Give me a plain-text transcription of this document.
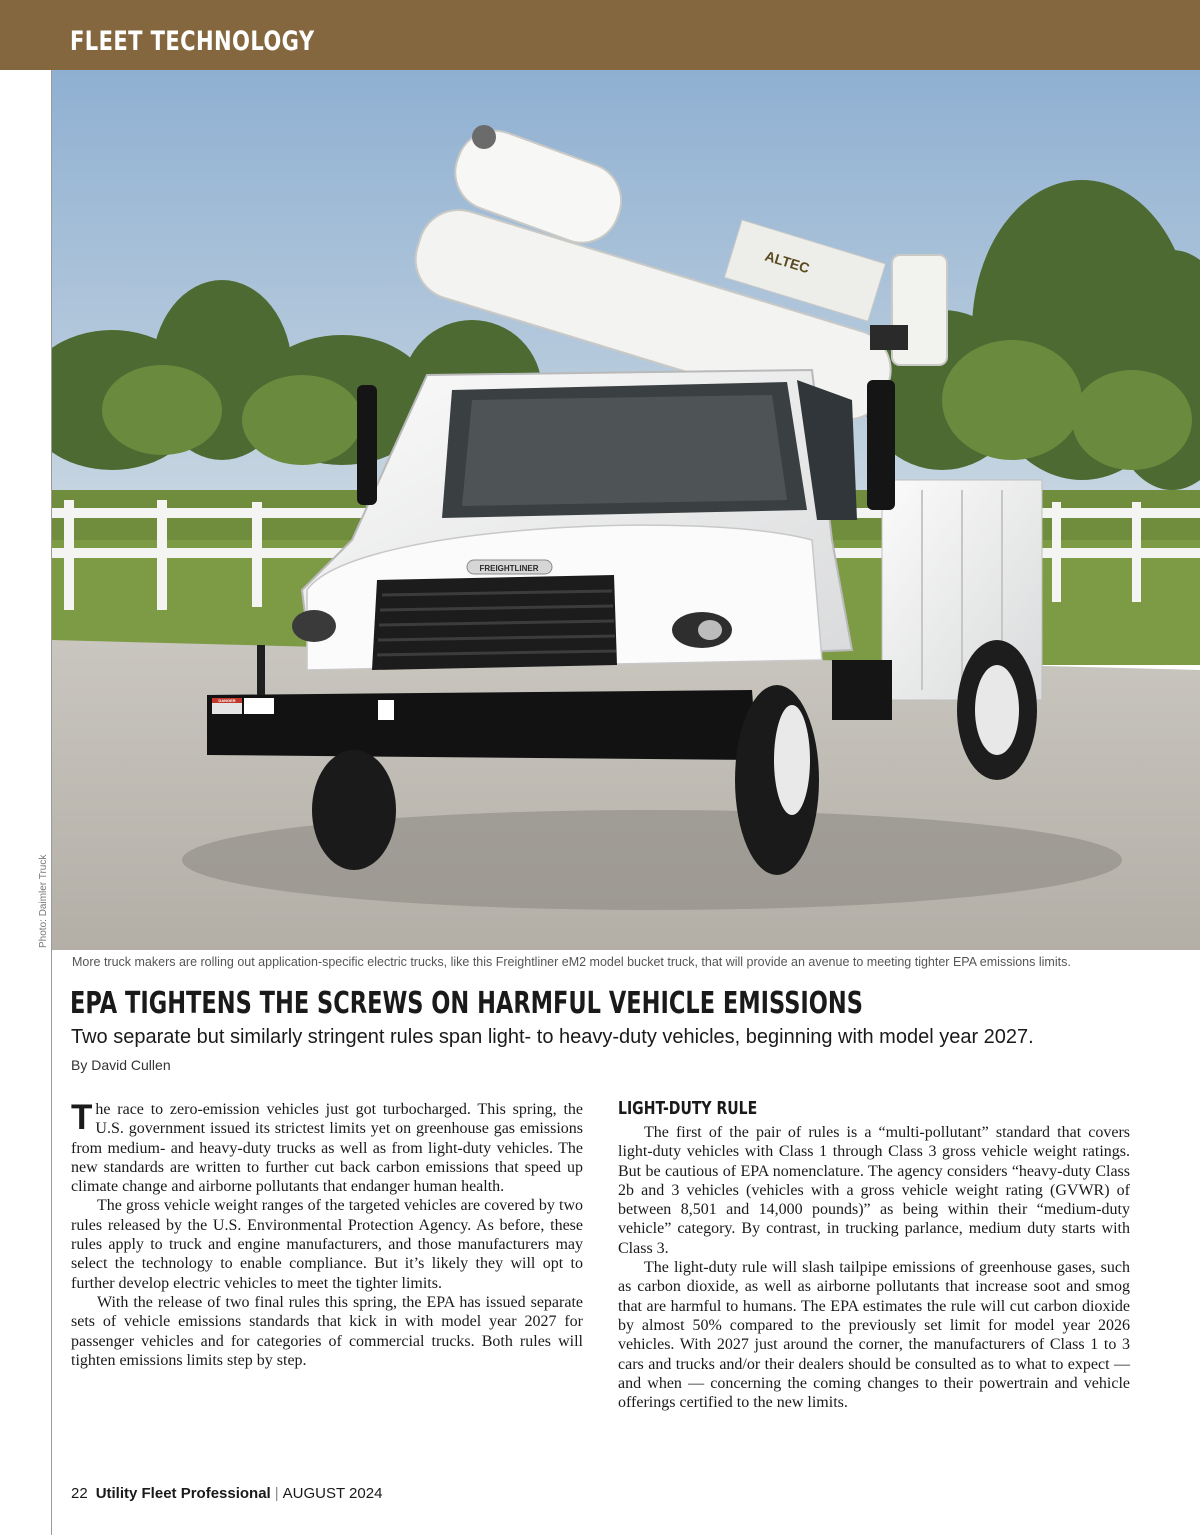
FLEET TECHNOLOGY
ALTEC
FREIGHTLINER
DANGER
Photo: Daimler Truck
More truck makers are rolling out application-specific electric trucks, like this Freightliner eM2 model bucket truck, that will provide an avenue to meeting tighter EPA emissions limits.
EPA TIGHTENS THE SCREWS ON HARMFUL VEHICLE EMISSIONS

Two separate but similarly stringent rules span light- to heavy-duty vehicles, beginning with model year 2027.

By David Cullen

The race to zero-emission vehicles just got turbocharged. This spring, the U.S. government issued its strictest limits yet on greenhouse gas emissions from medium- and heavy-duty trucks as well as from light-duty vehicles. The new standards are written to further cut back carbon emissions that speed up climate change and airborne pollutants that endanger human health.

The gross vehicle weight ranges of the targeted vehicles are covered by two rules released by the U.S. Environmental Protection Agency. As before, these rules apply to truck and engine manufacturers, and those manufacturers may select the technology to enable compliance. But it’s likely they will opt to further develop electric vehicles to meet the tighter limits.

With the release of two final rules this spring, the EPA has issued separate sets of vehicle emissions standards that kick in with model year 2027 for passenger vehicles and for categories of commercial trucks. Both rules will tighten emissions limits step by step.

LIGHT-DUTY RULE

The first of the pair of rules is a “multi-pollutant” standard that covers light-duty vehicles with Class 1 through Class 3 gross vehicle weight ratings. But be cautious of EPA nomenclature. The agency considers “heavy-duty Class 2b and 3 vehicles (vehicles with a gross vehicle weight rating (GVWR) of between 8,501 and 14,000 pounds)” as being within their “medium-duty vehicle” category. By contrast, in trucking parlance, medium duty starts with Class 3.

The light-duty rule will slash tailpipe emissions of greenhouse gases, such as carbon dioxide, as well as airborne pollutants that increase soot and smog that are harmful to humans. The EPA estimates the rule will cut carbon dioxide by almost 50% compared to the previously set limit for model year 2026 vehicles. With 2027 just around the corner, the manufacturers of Class 1 to 3 cars and trucks and/or their dealers should be consulted as to what to expect — and when — concerning the coming changes to their powertrain and vehicle offerings certified to the new limits.

22 Utility Fleet Professional | AUGUST 2024
